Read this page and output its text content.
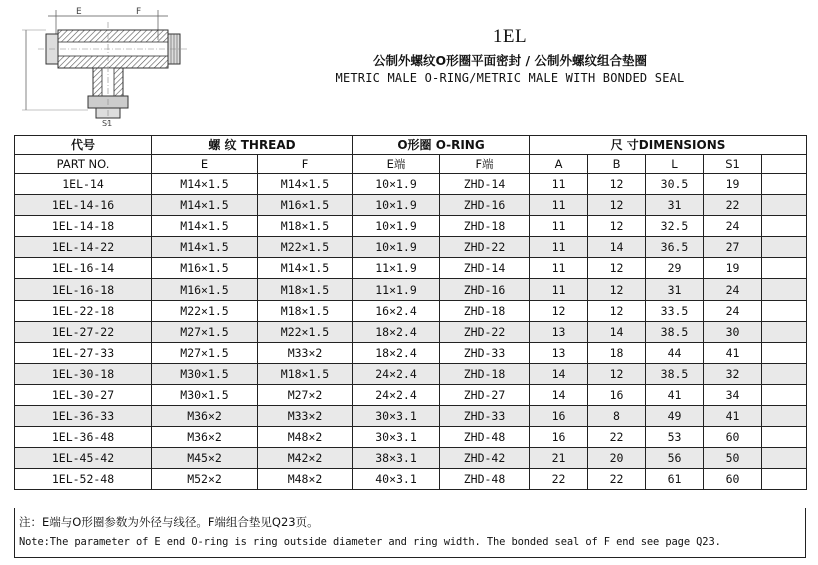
E	F
S1
1EL
公制外螺纹O形圈平面密封 / 公制外螺纹组合垫圈
METRIC MALE O-RING/METRIC MALE WITH BONDED SEAL
代号	螺 纹 THREAD		O形圈 O-RING		尺 寸DIMENSIONS				
PART NO.	E	F	E端	F端	A	B	L	S1	
1EL-14	M14×1.5	M14×1.5	10×1.9	ZHD-14	11	12	30.5	19	
1EL-14-16	M14×1.5	M16×1.5	10×1.9	ZHD-16	11	12	31	22	
1EL-14-18	M14×1.5	M18×1.5	10×1.9	ZHD-18	11	12	32.5	24	
1EL-14-22	M14×1.5	M22×1.5	10×1.9	ZHD-22	11	14	36.5	27	
1EL-16-14	M16×1.5	M14×1.5	11×1.9	ZHD-14	11	12	29	19	
1EL-16-18	M16×1.5	M18×1.5	11×1.9	ZHD-16	11	12	31	24	
1EL-22-18	M22×1.5	M18×1.5	16×2.4	ZHD-18	12	12	33.5	24	
1EL-27-22	M27×1.5	M22×1.5	18×2.4	ZHD-22	13	14	38.5	30	
1EL-27-33	M27×1.5	M33×2	18×2.4	ZHD-33	13	18	44	41	
1EL-30-18	M30×1.5	M18×1.5	24×2.4	ZHD-18	14	12	38.5	32	
1EL-30-27	M30×1.5	M27×2	24×2.4	ZHD-27	14	16	41	34	
1EL-36-33	M36×2	M33×2	30×3.1	ZHD-33	16	8	49	41	
1EL-36-48	M36×2	M48×2	30×3.1	ZHD-48	16	22	53	60	
1EL-45-42	M45×2	M42×2	38×3.1	ZHD-42	21	20	56	50	
1EL-52-48	M52×2	M48×2	40×3.1	ZHD-48	22	22	61	60	
注：E端与O形圈参数为外径与线径。F端组合垫见Q23页。
Note:The parameter of E end O-ring is ring outside diameter and ring width. The bonded seal of F end see page Q23.
